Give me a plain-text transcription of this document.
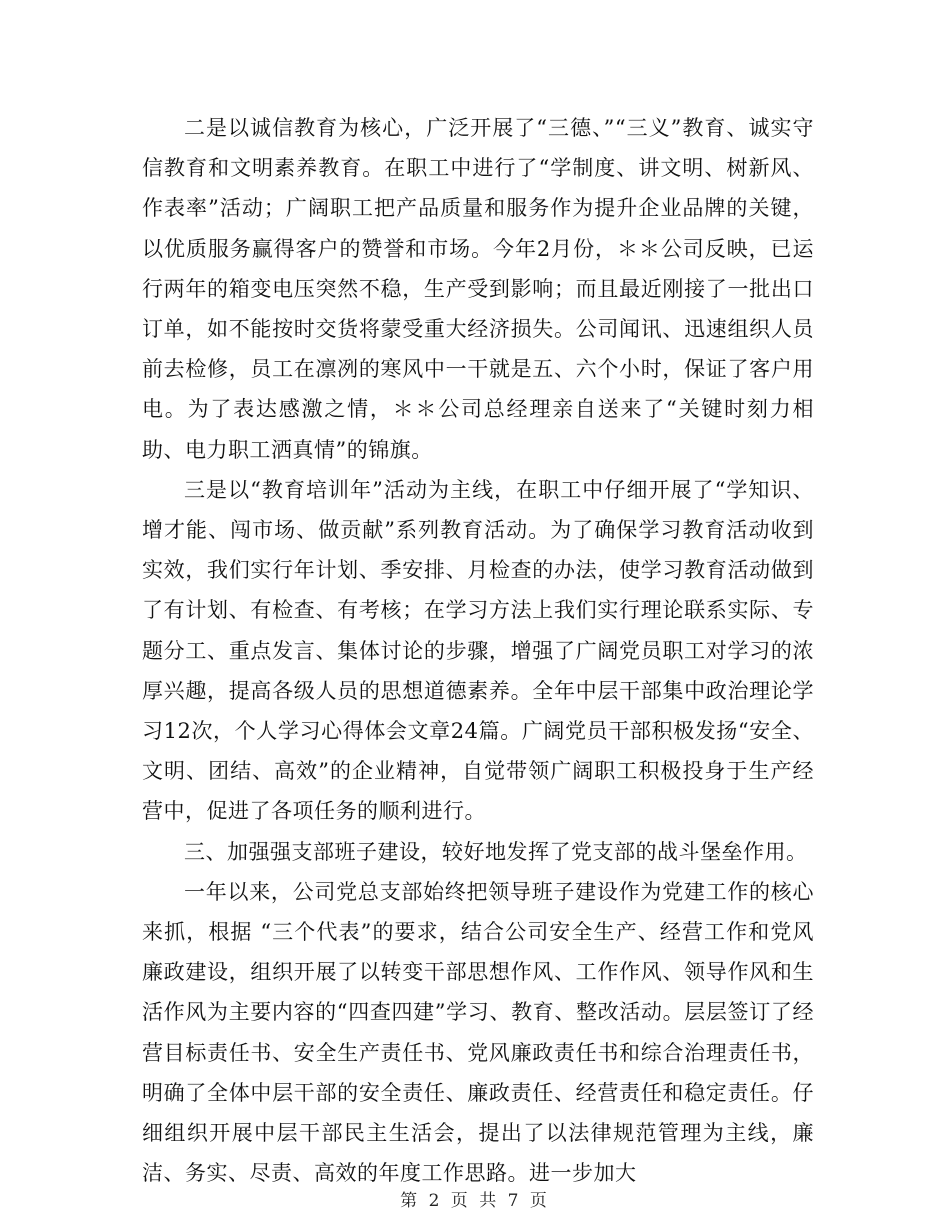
二是以诚信教育为核心，广泛开展了“三德、”“三义”教育、诚实守信教育和文明素养教育。在职工中进行了“学制度、讲文明、树新风、作表率”活动；广阔职工把产品质量和服务作为提升企业品牌的关键，以优质服务赢得客户的赞誉和市场。今年2月份，＊＊公司反映，已运行两年的箱变电压突然不稳，生产受到影响；而且最近刚接了一批出口订单，如不能按时交货将蒙受重大经济损失。公司闻讯、迅速组织人员前去检修，员工在凛冽的寒风中一干就是五、六个小时，保证了客户用电。为了表达感激之情，＊＊公司总经理亲自送来了“关键时刻力相助、电力职工洒真情”的锦旗。

三是以“教育培训年”活动为主线，在职工中仔细开展了“学知识、增才能、闯市场、做贡献”系列教育活动。为了确保学习教育活动收到实效，我们实行年计划、季安排、月检查的办法，使学习教育活动做到了有计划、有检查、有考核；在学习方法上我们实行理论联系实际、专题分工、重点发言、集体讨论的步骤，增强了广阔党员职工对学习的浓厚兴趣，提高各级人员的思想道德素养。全年中层干部集中政治理论学习12次，个人学习心得体会文章24篇。广阔党员干部积极发扬“安全、文明、团结、高效”的企业精神，自觉带领广阔职工积极投身于生产经营中，促进了各项任务的顺利进行。

三、加强强支部班子建设，较好地发挥了党支部的战斗堡垒作用。

一年以来，公司党总支部始终把领导班子建设作为党建工作的核心来抓，根据 “三个代表”的要求，结合公司安全生产、经营工作和党风廉政建设，组织开展了以转变干部思想作风、工作作风、领导作风和生活作风为主要内容的“四查四建”学习、教育、整改活动。层层签订了经营目标责任书、安全生产责任书、党风廉政责任书和综合治理责任书，明确了全体中层干部的安全责任、廉政责任、经营责任和稳定责任。仔细组织开展中层干部民主生活会，提出了以法律规范管理为主线，廉洁、务实、尽责、高效的年度工作思路。进一步加大

第 2 页 共 7 页
